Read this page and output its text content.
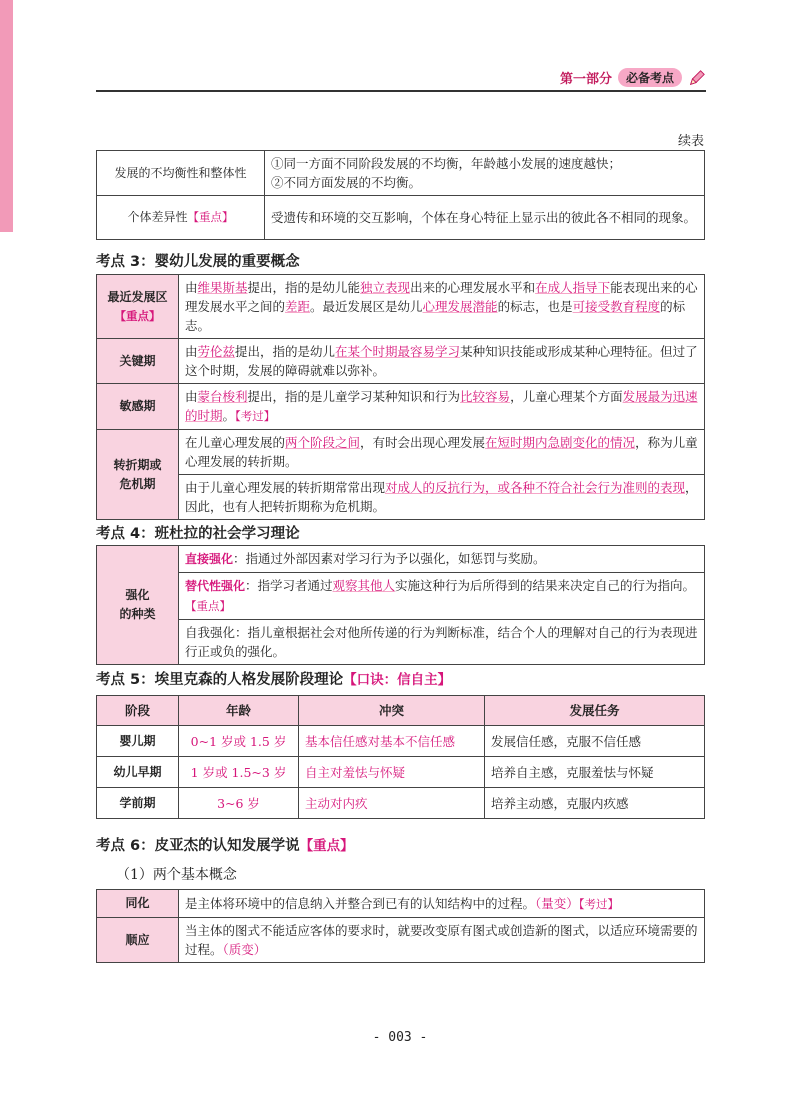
第一部分	必备考点
续表
发展的不均衡性和整体性	①同一方面不同阶段发展的不均衡，年龄越小发展的速度越快；
②不同方面发展的不均衡。

个体差异性【重点】	受遗传和环境的交互影响，个体在身心特征上显示出的彼此各不相同的现象。
考点 3：婴幼儿发展的重要概念
最近发展区
【重点】	由维果斯基提出，指的是幼儿能独立表现出来的心理发展水平和在成人指导下能表现出来的心理发展水平之间的差距。最近发展区是幼儿心理发展潜能的标志，也是可接受教育程度的标志。
关键期	由劳伦兹提出，指的是幼儿在某个时期最容易学习某种知识技能或形成某种心理特征。但过了这个时期，发展的障碍就难以弥补。
敏感期	由蒙台梭利提出，指的是儿童学习某种知识和行为比较容易，儿童心理某个方面发展最为迅速的时期。【考过】

转折期或
危机期	在儿童心理发展的两个阶段之间，有时会出现心理发展在短时期内急剧变化的情况，称为儿童心理发展的转折期。
	由于儿童心理发展的转折期常常出现对成人的反抗行为，或各种不符合社会行为准则的表现，因此，也有人把转折期称为危机期。
考点 4：班杜拉的社会学习理论
强化
的种类
	直接强化：指通过外部因素对学习行为予以强化，如惩罚与奖励。
替代性强化：指学习者通过观察其他人实施这种行为后所得到的结果来决定自己的行为指向。【重点】
自我强化：指儿童根据社会对他所传递的行为判断标准，结合个人的理解对自己的行为表现进行正或负的强化。
考点 5：埃里克森的人格发展阶段理论【口诀：信自主】
阶段	年龄	冲突	发展任务
婴儿期	0~1 岁或 1.5 岁	基本信任感对基本不信任感	发展信任感，克服不信任感
幼儿早期	1 岁或 1.5~3 岁	自主对羞怯与怀疑	培养自主感，克服羞怯与怀疑
学前期	3~6 岁	主动对内疚	培养主动感，克服内疚感
考点 6：皮亚杰的认知发展学说【重点】
（1）两个基本概念
同化	是主体将环境中的信息纳入并整合到已有的认知结构中的过程。（量变）【考过】
顺应	当主体的图式不能适应客体的要求时，就要改变原有图式或创造新的图式，以适应环境需要的过程。（质变）
- 003 -
